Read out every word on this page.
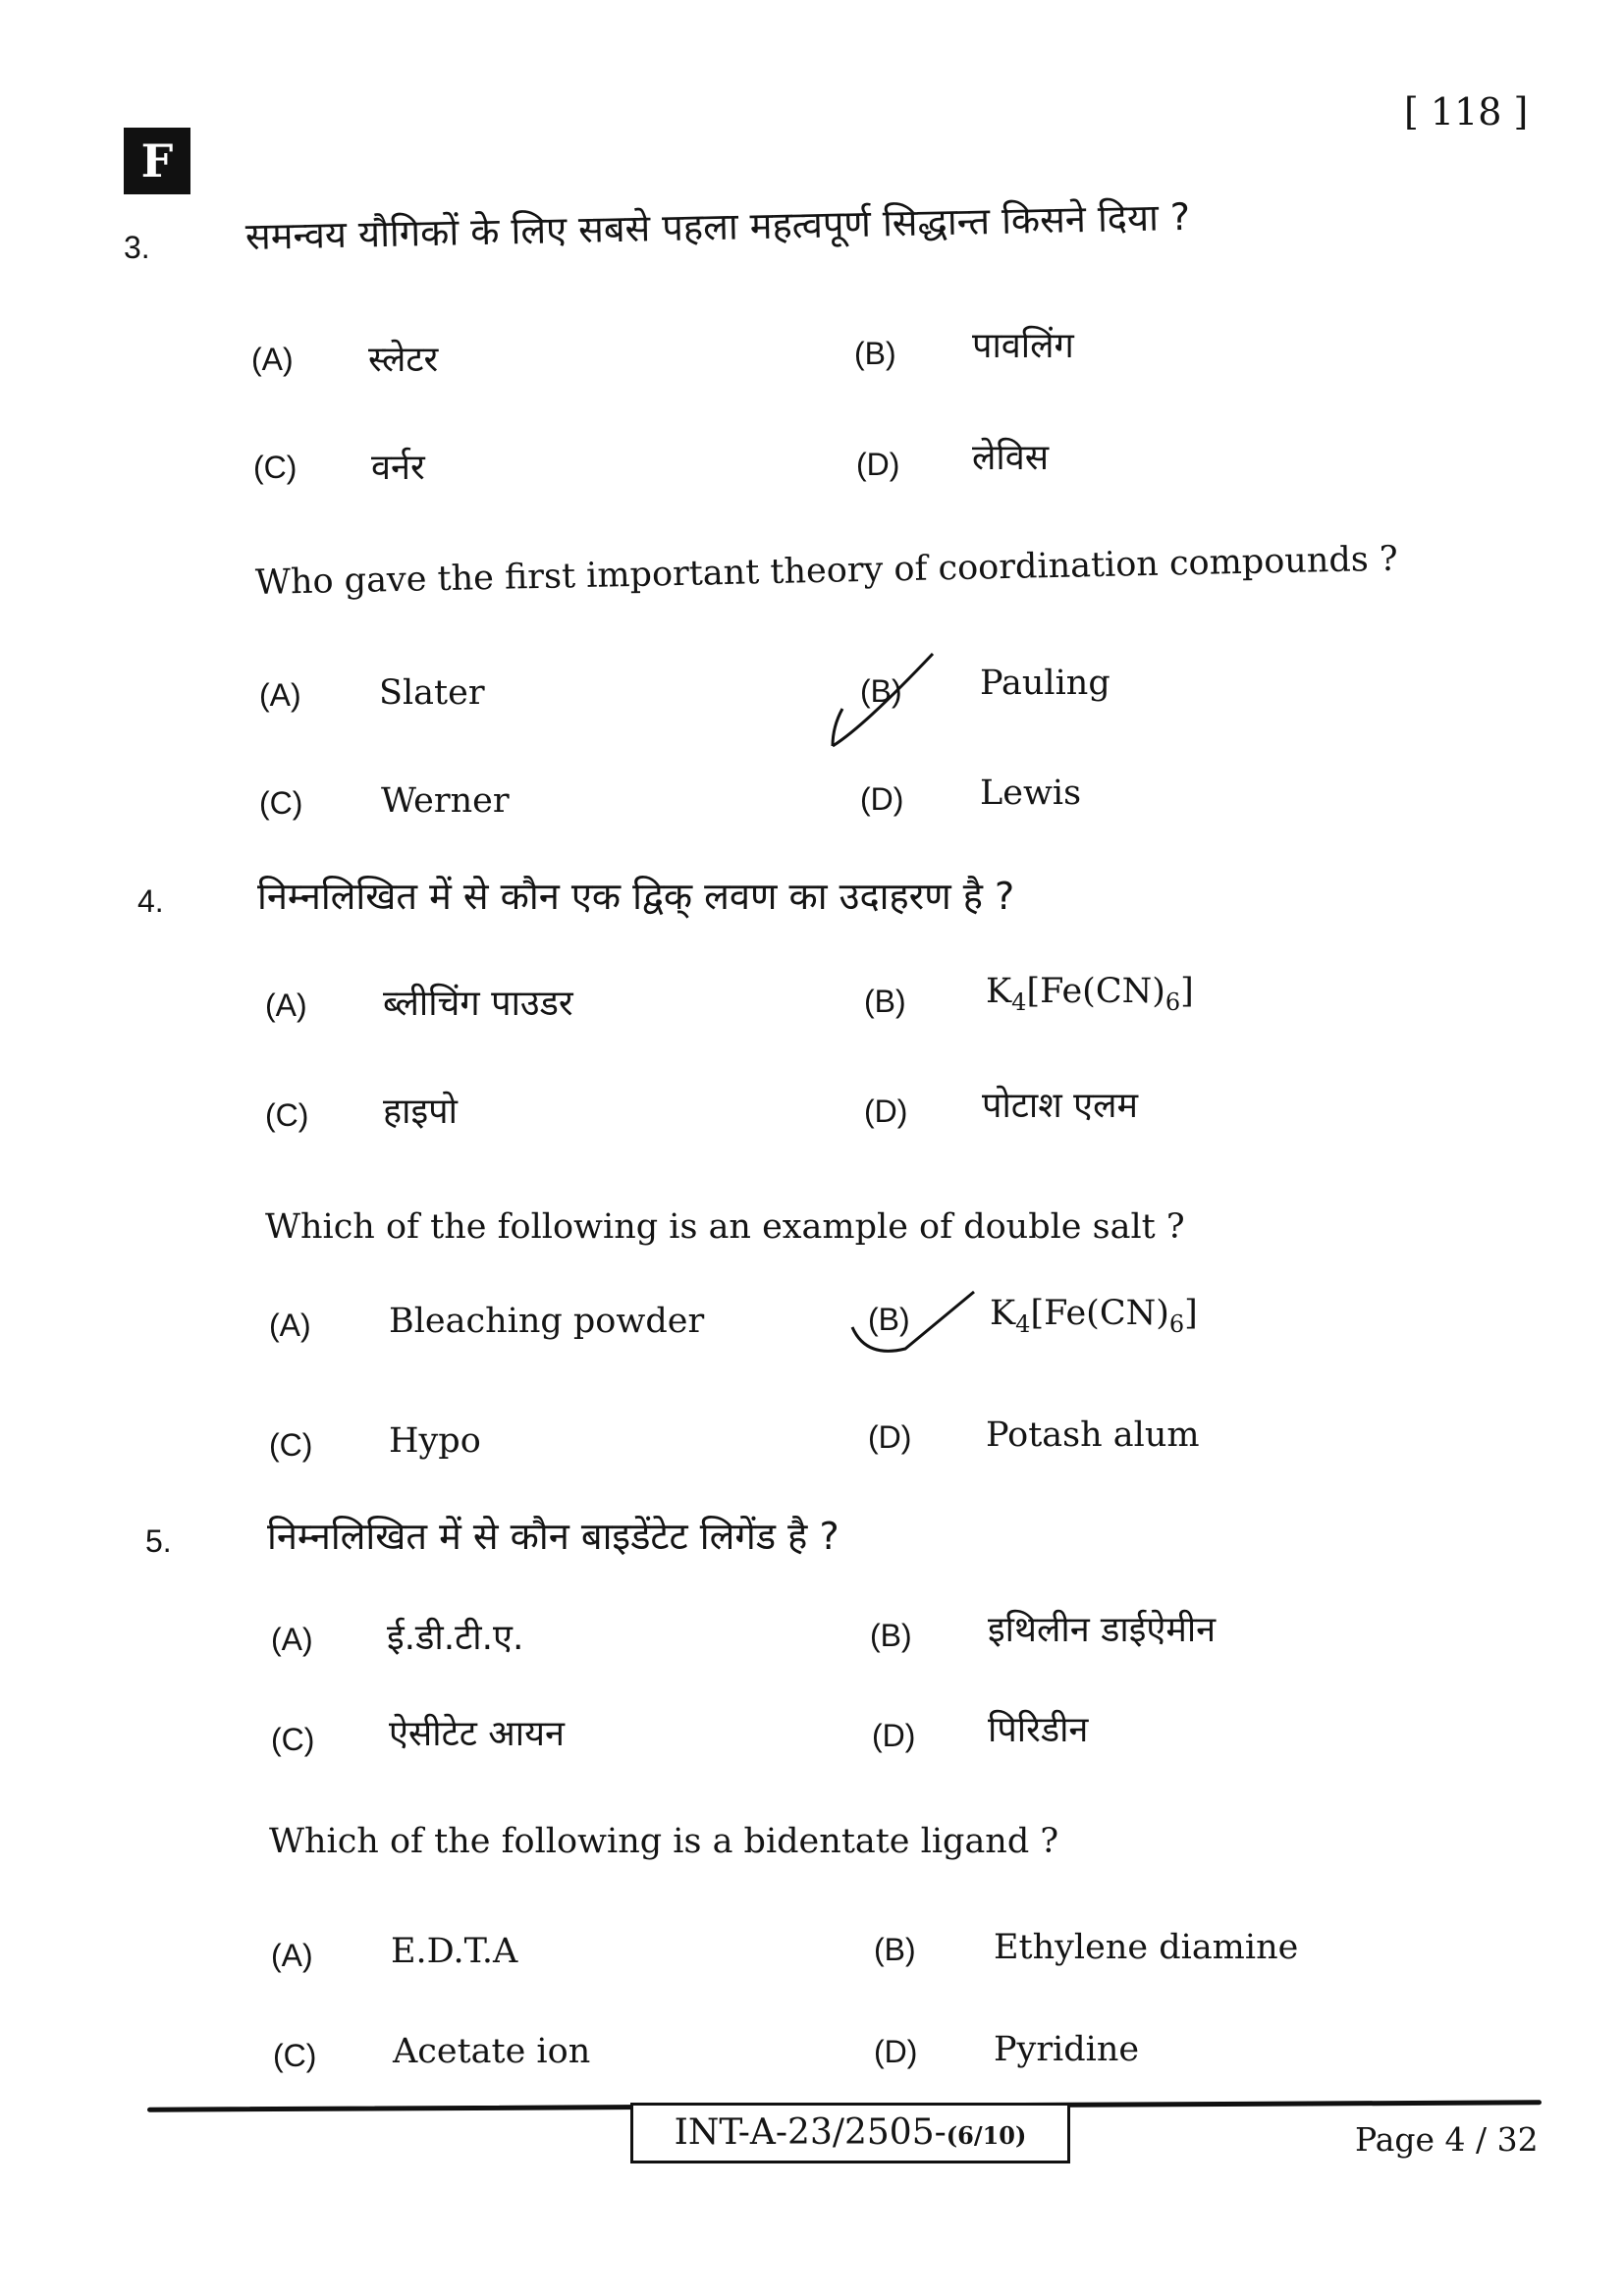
[ 118 ]
F
3.	समन्वय यौगिकों के लिए सबसे पहला महत्वपूर्ण सिद्धान्त किसने दिया ?
(A) स्लेटर	(B) पावलिंग
(C) वर्नर	(D) लेविस
Who gave the first important theory of coordination compounds ?
(A) Slater	(B) Pauling
(C) Werner	(D) Lewis
4.	निम्नलिखित में से कौन एक द्विक् लवण का उदाहरण है ?
(A) ब्लीचिंग पाउडर	(B) $K_4[Fe(CN)_6]$
(C) हाइपो	(D) पोटाश एलम
Which of the following is an example of double salt ?
(A) Bleaching powder	(B) $K_4[Fe(CN)_6]$
(C) Hypo	(D) Potash alum
5.	निम्नलिखित में से कौन बाइडेंटेट लिगेंड है ?
(A) ई.डी.टी.ए.	(B) इथिलीन डाईऐमीन
(C) ऐसीटेट आयन	(D) पिरिडीन
Which of the following is a bidentate ligand ?
(A) E.D.T.A	(B) Ethylene diamine
(C) Acetate ion	(D) Pyridine
INT-A-23/2505-(6/10)	Page 4 / 32
